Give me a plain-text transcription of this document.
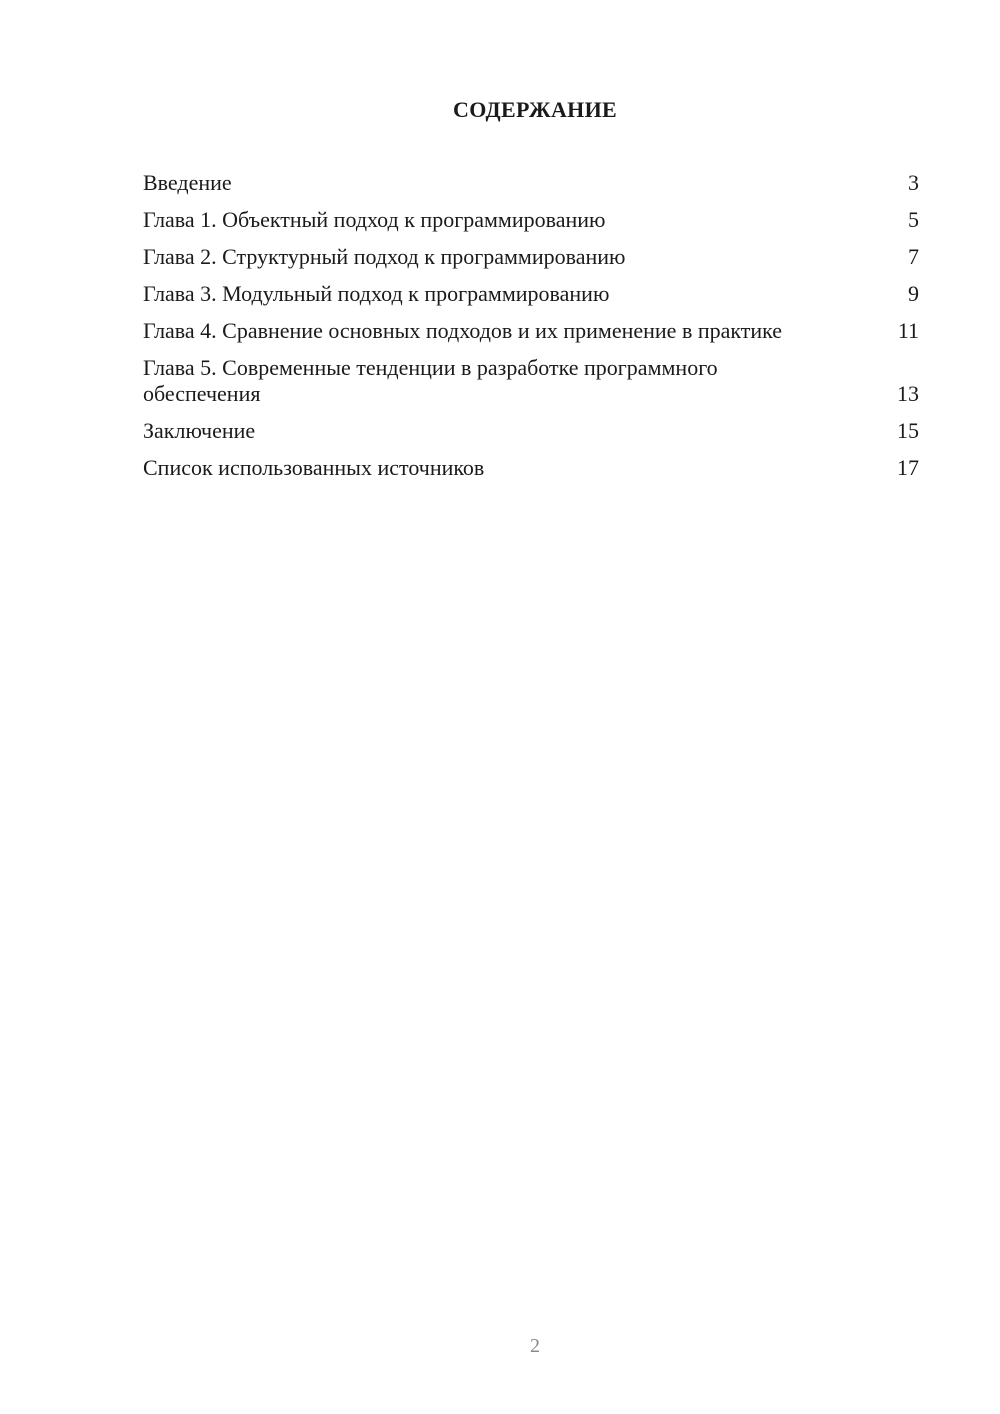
СОДЕРЖАНИЕ
Введение	3
Глава 1. Объектный подход к программированию	5
Глава 2. Структурный подход к программированию	7
Глава 3. Модульный подход к программированию	9
Глава 4. Сравнение основных подходов и их применение в практике	11
Глава 5. Современные тенденции в разработке программного обеспечения	13
Заключение	15
Список использованных источников	17
2
